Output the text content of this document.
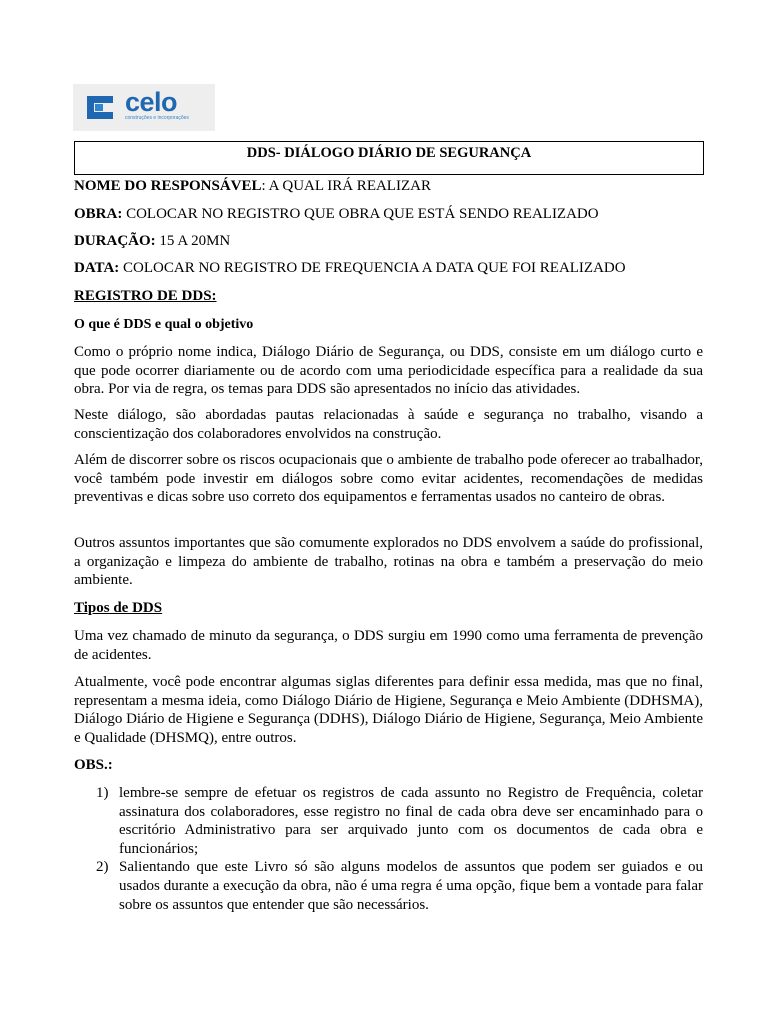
celo
construções e incorporações
DDS- DIÁLOGO DIÁRIO DE SEGURANÇA
NOME DO RESPONSÁVEL: A QUAL IRÁ REALIZAR
OBRA: COLOCAR NO REGISTRO QUE OBRA QUE ESTÁ SENDO REALIZADO
DURAÇÃO: 15 A 20MN
DATA: COLOCAR NO REGISTRO DE FREQUENCIA A DATA QUE FOI REALIZADO
REGISTRO DE DDS:
O que é DDS e qual o objetivo
Como o próprio nome indica, Diálogo Diário de Segurança, ou DDS, consiste em um diálogo curto e que pode ocorrer diariamente ou de acordo com uma periodicidade específica para a realidade da sua obra. Por via de regra, os temas para DDS são apresentados no início das atividades.
Neste diálogo, são abordadas pautas relacionadas à saúde e segurança no trabalho, visando a conscientização dos colaboradores envolvidos na construção.
Além de discorrer sobre os riscos ocupacionais que o ambiente de trabalho pode oferecer ao trabalhador, você também pode investir em diálogos sobre como evitar acidentes, recomendações de medidas preventivas e dicas sobre uso correto dos equipamentos e ferramentas usados no canteiro de obras.
Outros assuntos importantes que são comumente explorados no DDS envolvem a saúde do profissional, a organização e limpeza do ambiente de trabalho, rotinas na obra e também a preservação do meio ambiente.
Tipos de DDS
Uma vez chamado de minuto da segurança, o DDS surgiu em 1990 como uma ferramenta de prevenção de acidentes.
Atualmente, você pode encontrar algumas siglas diferentes para definir essa medida, mas que no final, representam a mesma ideia, como Diálogo Diário de Higiene, Segurança e Meio Ambiente (DDHSMA), Diálogo Diário de Higiene e Segurança (DDHS), Diálogo Diário de Higiene, Segurança, Meio Ambiente e Qualidade (DHSMQ), entre outros.
OBS.:
1) lembre-se sempre de efetuar os registros de cada assunto no Registro de Frequência, coletar assinatura dos colaboradores, esse registro no final de cada obra deve ser encaminhado para o escritório Administrativo para ser arquivado junto com os documentos de cada obra e funcionários;
2) Salientando que este Livro só são alguns modelos de assuntos que podem ser guiados e ou usados durante a execução da obra, não é uma regra é uma opção, fique bem a vontade para falar sobre os assuntos que entender que são necessários.
